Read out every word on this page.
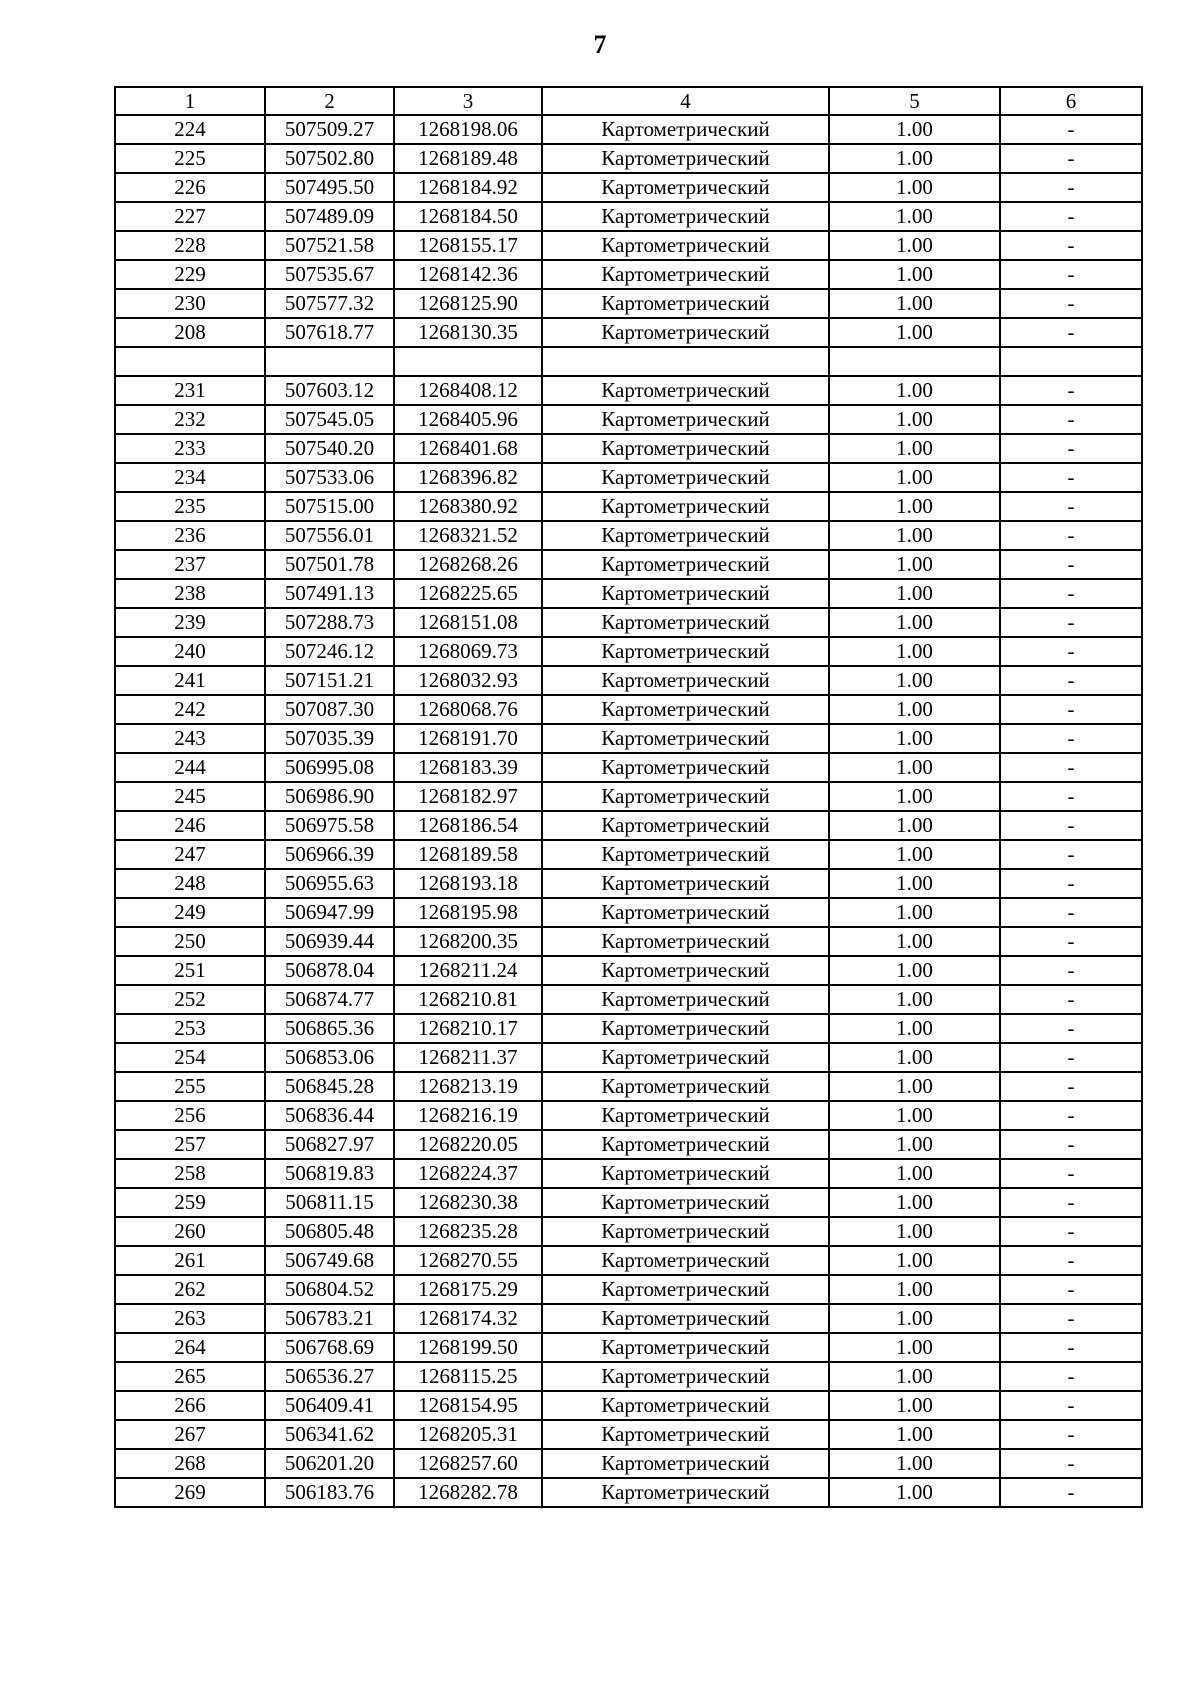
7
1	2	3	4	5	6
224	507509.27	1268198.06	Картометрический	1.00	-
225	507502.80	1268189.48	Картометрический	1.00	-
226	507495.50	1268184.92	Картометрический	1.00	-
227	507489.09	1268184.50	Картометрический	1.00	-
228	507521.58	1268155.17	Картометрический	1.00	-
229	507535.67	1268142.36	Картометрический	1.00	-
230	507577.32	1268125.90	Картометрический	1.00	-
208	507618.77	1268130.35	Картометрический	1.00	-

231	507603.12	1268408.12	Картометрический	1.00	-
232	507545.05	1268405.96	Картометрический	1.00	-
233	507540.20	1268401.68	Картометрический	1.00	-
234	507533.06	1268396.82	Картометрический	1.00	-
235	507515.00	1268380.92	Картометрический	1.00	-
236	507556.01	1268321.52	Картометрический	1.00	-
237	507501.78	1268268.26	Картометрический	1.00	-
238	507491.13	1268225.65	Картометрический	1.00	-
239	507288.73	1268151.08	Картометрический	1.00	-
240	507246.12	1268069.73	Картометрический	1.00	-
241	507151.21	1268032.93	Картометрический	1.00	-
242	507087.30	1268068.76	Картометрический	1.00	-
243	507035.39	1268191.70	Картометрический	1.00	-
244	506995.08	1268183.39	Картометрический	1.00	-
245	506986.90	1268182.97	Картометрический	1.00	-
246	506975.58	1268186.54	Картометрический	1.00	-
247	506966.39	1268189.58	Картометрический	1.00	-
248	506955.63	1268193.18	Картометрический	1.00	-
249	506947.99	1268195.98	Картометрический	1.00	-
250	506939.44	1268200.35	Картометрический	1.00	-
251	506878.04	1268211.24	Картометрический	1.00	-
252	506874.77	1268210.81	Картометрический	1.00	-
253	506865.36	1268210.17	Картометрический	1.00	-
254	506853.06	1268211.37	Картометрический	1.00	-
255	506845.28	1268213.19	Картометрический	1.00	-
256	506836.44	1268216.19	Картометрический	1.00	-
257	506827.97	1268220.05	Картометрический	1.00	-
258	506819.83	1268224.37	Картометрический	1.00	-
259	506811.15	1268230.38	Картометрический	1.00	-
260	506805.48	1268235.28	Картометрический	1.00	-
261	506749.68	1268270.55	Картометрический	1.00	-
262	506804.52	1268175.29	Картометрический	1.00	-
263	506783.21	1268174.32	Картометрический	1.00	-
264	506768.69	1268199.50	Картометрический	1.00	-
265	506536.27	1268115.25	Картометрический	1.00	-
266	506409.41	1268154.95	Картометрический	1.00	-
267	506341.62	1268205.31	Картометрический	1.00	-
268	506201.20	1268257.60	Картометрический	1.00	-
269	506183.76	1268282.78	Картометрический	1.00	-
